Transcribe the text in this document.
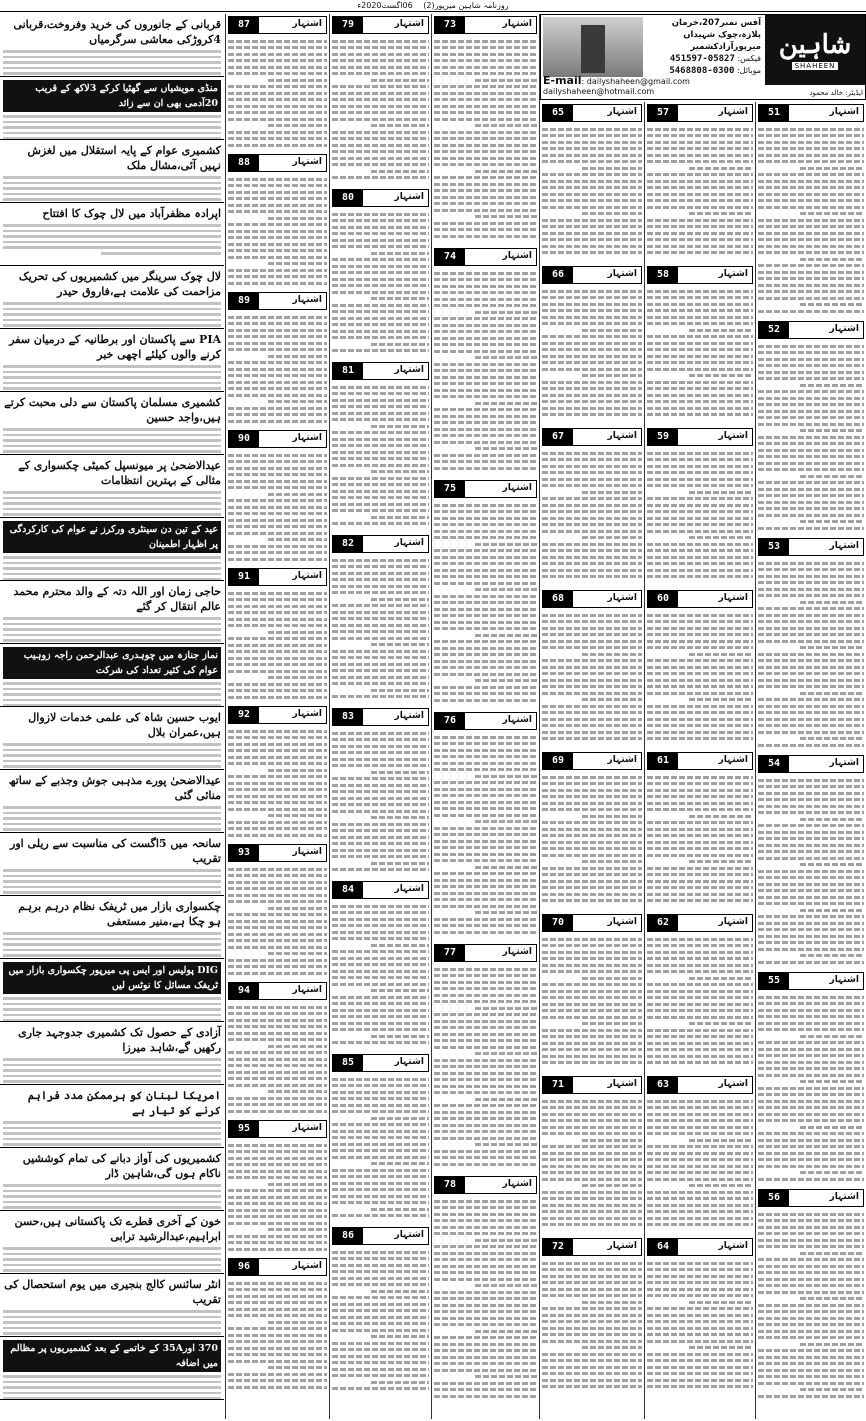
روزنامہ شاہین میرپور(2) 06اگست2020ء
شاہین
SHAHEEN
آفس نمبر207،خرمان پلازہ،چوک شہیداں میرپورآزادکشمیر
فیکس: 05827-451597
موبائل: 0300-5468808
E-mail: dailyshaheen@gmail.com
dailyshaheen@hotmail.com	ایڈیٹر: خالد محمود
اشتہار
51
اشتہار
52
اشتہار
53
اشتہار
54
اشتہار
55
اشتہار
56
اشتہار
57
اشتہار
58
اشتہار
59
اشتہار
60
اشتہار
61
اشتہار
62
اشتہار
63
اشتہار
64
اشتہار
65
اشتہار
66
اشتہار
67
اشتہار
68
اشتہار
69
اشتہار
70
اشتہار
71
اشتہار
72
اشتہار
73
اشتہار
74
اشتہار
75
اشتہار
76
اشتہار
77
اشتہار
78
اشتہار
79
اشتہار
80
اشتہار
81
اشتہار
82
اشتہار
83
اشتہار
84
اشتہار
85
اشتہار
86
اشتہار
87
اشتہار
88
اشتہار
89
اشتہار
90
اشتہار
91
اشتہار
92
اشتہار
93
اشتہار
94
اشتہار
95
اشتہار
96
قربانی کے جانوروں کی خرید وفروخت،قربانی 4کروڑکی معاشی سرگرمیاں
منڈی مویشیاں سے گھٹیا کرکے 3لاکھ کے قریب 20آدمی بھی ان سے زائد
کشمیری عوام کے پایہ استقلال میں لغزش نہیں آئی،مشال ملک
اپرادہ مظفرآباد میں لال چوک کا افتتاح
لال چوک سرینگر میں کشمیریوں کی تحریک مزاحمت کی علامت ہے،فاروق حیدر
PIA سے پاکستان اور برطانیہ کے درمیان سفر کرنے والوں کیلئے اچھی خبر
کشمیری مسلمان پاکستان سے دلی محبت کرتے ہیں،واجد حسین
عیدالاضحیٰ پر میونسپل کمیٹی چکسواری کے مثالی کے بہترین انتظامات
عید کے تین دن سینٹری ورکرز نے عوام کی کارکردگی پر اظہار اطمینان
حاجی زمان اور اللہ دتہ کے والد محترم محمد عالم انتقال کر گئے
نماز جنازہ میں چوہدری عبدالرحمن راجہ زوہیب عوام کی کثیر تعداد کی شرکت
ایوب حسین شاہ کی علمی خدمات لازوال ہیں،عمران بلال
عیدالاضحیٰ پورے مذہبی جوش وجذبے کے ساتھ منائی گئی
سانحہ میں 5اگست کی مناسبت سے ریلی اور تقریب
چکسواری بازار میں ٹریفک نظام درہم برہم ہو چکا ہے،منیر مستعفی
DIG پولیس اور ایس پی میرپور چکسواری بازار میں ٹریفک مسائل کا نوٹس لیں
آزادی کے حصول تک کشمیری جدوجہد جاری رکھیں گے،شاہد میرزا
امریکا لبنان کو ہرممکن مدد فراہم کرنے کو تیار ہے
کشمیریوں کی آواز دبانے کی تمام کوششیں ناکام ہوں گی،شاہین ڈار
خون کے آخری قطرے تک پاکستانی ہیں،حسن ابراہیم،عبدالرشید ترابی
انٹر سائنس کالج بنجیری میں یوم استحصال کی تقریب
370 اور35A کے خاتمے کے بعد کشمیریوں پر مظالم میں اضافہ
